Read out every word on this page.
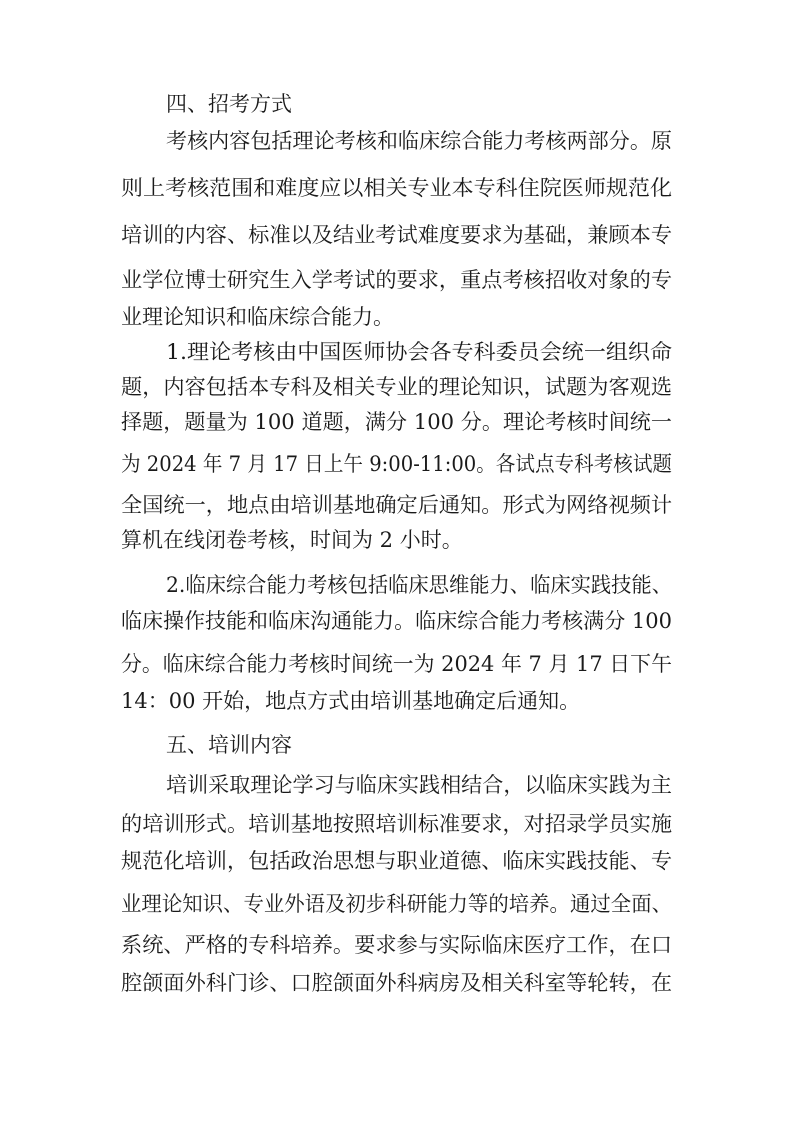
四、招考方式
考核内容包括理论考核和临床综合能力考核两部分。原
则上考核范围和难度应以相关专业本专科住院医师规范化
培训的内容、标准以及结业考试难度要求为基础，兼顾本专
业学位博士研究生入学考试的要求，重点考核招收对象的专
业理论知识和临床综合能力。
1.理论考核由中国医师协会各专科委员会统一组织命
题，内容包括本专科及相关专业的理论知识，试题为客观选
择题，题量为 100 道题，满分 100 分。理论考核时间统一
为 2024 年 7 月 17 日上午 9:00-11:00。各试点专科考核试题
全国统一，地点由培训基地确定后通知。形式为网络视频计
算机在线闭卷考核，时间为 2 小时。
2.临床综合能力考核包括临床思维能力、临床实践技能、
临床操作技能和临床沟通能力。临床综合能力考核满分 100
分。临床综合能力考核时间统一为 2024 年 7 月 17 日下午
14：00 开始，地点方式由培训基地确定后通知。
五、培训内容
培训采取理论学习与临床实践相结合，以临床实践为主
的培训形式。培训基地按照培训标准要求，对招录学员实施
规范化培训，包括政治思想与职业道德、临床实践技能、专
业理论知识、专业外语及初步科研能力等的培养。通过全面、
系统、严格的专科培养。要求参与实际临床医疗工作，在口
腔颌面外科门诊、口腔颌面外科病房及相关科室等轮转，在
